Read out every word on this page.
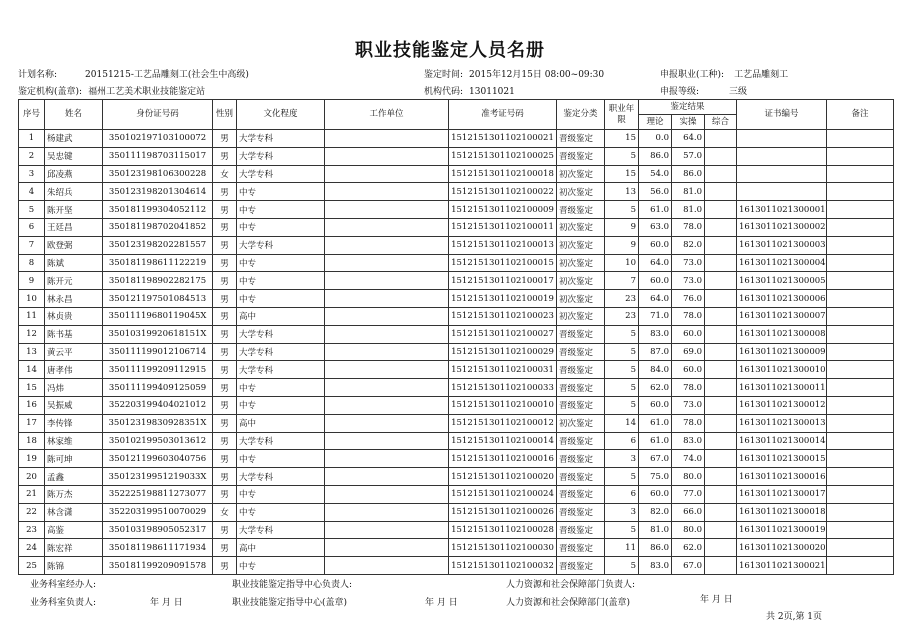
职业技能鉴定人员名册
计划名称:	20151215-工艺品雕刻工(社会生中高级)	鉴定时间: 2015年12月15日 08:00~09:30	申报职业(工种): 工艺品雕刻工
鉴定机构(盖章): 福州工艺美术职业技能鉴定站	机构代码: 13011021	申报等级:	三级
序号	姓名	身份证号码	性别	文化程度	工作单位	准考证号码	鉴定分类	职业年限	鉴定结果			证书编号	备注
									理论	实操	综合		
1	杨建武	350102197103100072	男	大学专科		1512151301102100021	晋级鉴定	15	0.0	64.0			
2	吴忠键	350111198703115017	男	大学专科		1512151301102100025	晋级鉴定	5	86.0	57.0			
3	邱凌燕	350123198106300228	女	大学专科		1512151301102100018	初次鉴定	15	54.0	86.0			
4	朱绍兵	350123198201304614	男	中专		1512151301102100022	初次鉴定	13	56.0	81.0			
5	陈开坚	350181199304052112	男	中专		1512151301102100009	晋级鉴定	5	61.0	81.0		1613011021300001	
6	王廷昌	350181198702041852	男	中专		1512151301102100011	初次鉴定	9	63.0	78.0		1613011021300002	
7	欧登弼	350123198202281557	男	大学专科		1512151301102100013	初次鉴定	9	60.0	82.0		1613011021300003	
8	陈斌	350181198611122219	男	中专		1512151301102100015	初次鉴定	10	64.0	73.0		1613011021300004	
9	陈开元	350181198902282175	男	中专		1512151301102100017	初次鉴定	7	60.0	73.0		1613011021300005	
10	林永昌	350121197501084513	男	中专		1512151301102100019	初次鉴定	23	64.0	76.0		1613011021300006	
11	林贞贵	35011119680119045X	男	高中		1512151301102100023	初次鉴定	23	71.0	78.0		1613011021300007	
12	陈书基	35010319920618151X	男	大学专科		1512151301102100027	晋级鉴定	5	83.0	60.0		1613011021300008	
13	黄云平	350111199012106714	男	大学专科		1512151301102100029	晋级鉴定	5	87.0	69.0		1613011021300009	
14	唐孝伟	350111199209112915	男	大学专科		1512151301102100031	晋级鉴定	5	84.0	60.0		1613011021300010	
15	冯炜	350111199409125059	男	中专		1512151301102100033	晋级鉴定	5	62.0	78.0		1613011021300011	
16	吴振威	352203199404021012	男	中专		1512151301102100010	晋级鉴定	5	60.0	73.0		1613011021300012	
17	李传锋	35012319830928351X	男	高中		1512151301102100012	初次鉴定	14	61.0	78.0		1613011021300013	
18	林家维	350102199503013612	男	大学专科		1512151301102100014	晋级鉴定	6	61.0	83.0		1613011021300014	
19	陈可坤	350121199603040756	男	中专		1512151301102100016	晋级鉴定	3	67.0	74.0		1613011021300015	
20	孟鑫	35012319951219033X	男	大学专科		1512151301102100020	晋级鉴定	5	75.0	80.0		1613011021300016	
21	陈万杰	352225198811273077	男	中专		1512151301102100024	晋级鉴定	6	60.0	77.0		1613011021300017	
22	林含潇	352203199510070029	女	中专		1512151301102100026	晋级鉴定	3	82.0	66.0		1613011021300018	
23	高鉴	350103198905052317	男	大学专科		1512151301102100028	晋级鉴定	5	81.0	80.0		1613011021300019	
24	陈宏祥	350181198611171934	男	高中		1512151301102100030	晋级鉴定	11	86.0	62.0		1613011021300020	
25	陈锦	350181199209091578	男	中专		1512151301102100032	晋级鉴定	5	83.0	67.0		1613011021300021	
业务科室经办人:
业务科室负责人:	年 月 日
职业技能鉴定指导中心负责人:
职业技能鉴定指导中心(盖章)	年 月 日
人力资源和社会保障部门负责人:
人力资源和社会保障部门(盖章)	年 月 日
共 2页,第 1页
